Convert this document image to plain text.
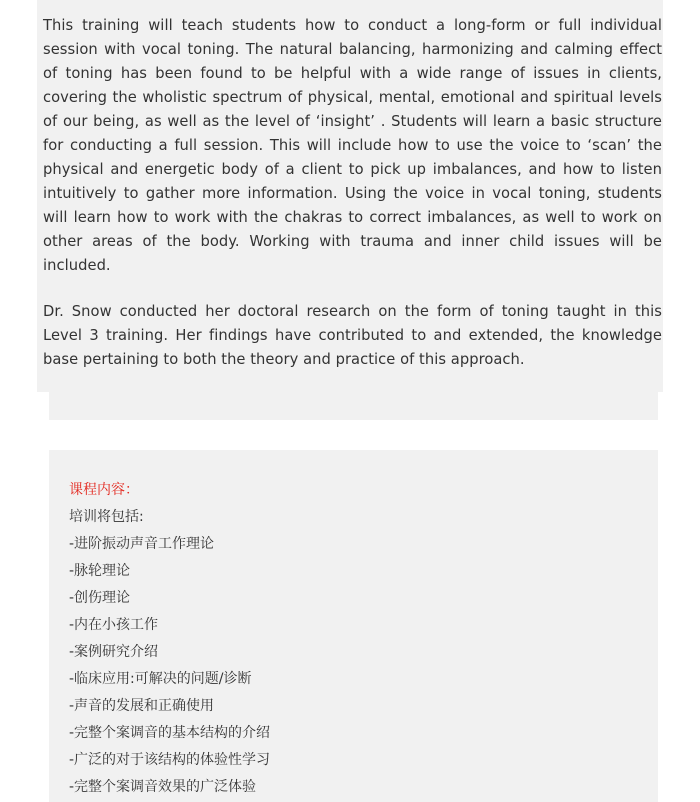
This training will teach students how to conduct a long-form or full individual session with vocal toning. The natural balancing, harmonizing and calming effect of toning has been found to be helpful with a wide range of issues in clients, covering the wholistic spectrum of physical, mental, emotional and spiritual levels of our being, as well as the level of ‘insight’ . Students will learn a basic structure for conducting a full session. This will include how to use the voice to ‘scan’ the physical and energetic body of a client to pick up imbalances, and how to listen intuitively to gather more information. Using the voice in vocal toning, students will learn how to work with the chakras to correct imbalances, as well to work on other areas of the body. Working with trauma and inner child issues will be included.

Dr. Snow conducted her doctoral research on the form of toning taught in this Level 3 training. Her findings have contributed to and extended, the knowledge base pertaining to both the theory and practice of this approach.

课程内容：
培训将包括:
-进阶振动声音工作理论
-脉轮理论
-创伤理论
-内在小孩工作
-案例研究介绍
-临床应用:可解决的问题/诊断
-声音的发展和正确使用
-完整个案调音的基本结构的介绍
-广泛的对于该结构的体验性学习
-完整个案调音效果的广泛体验
